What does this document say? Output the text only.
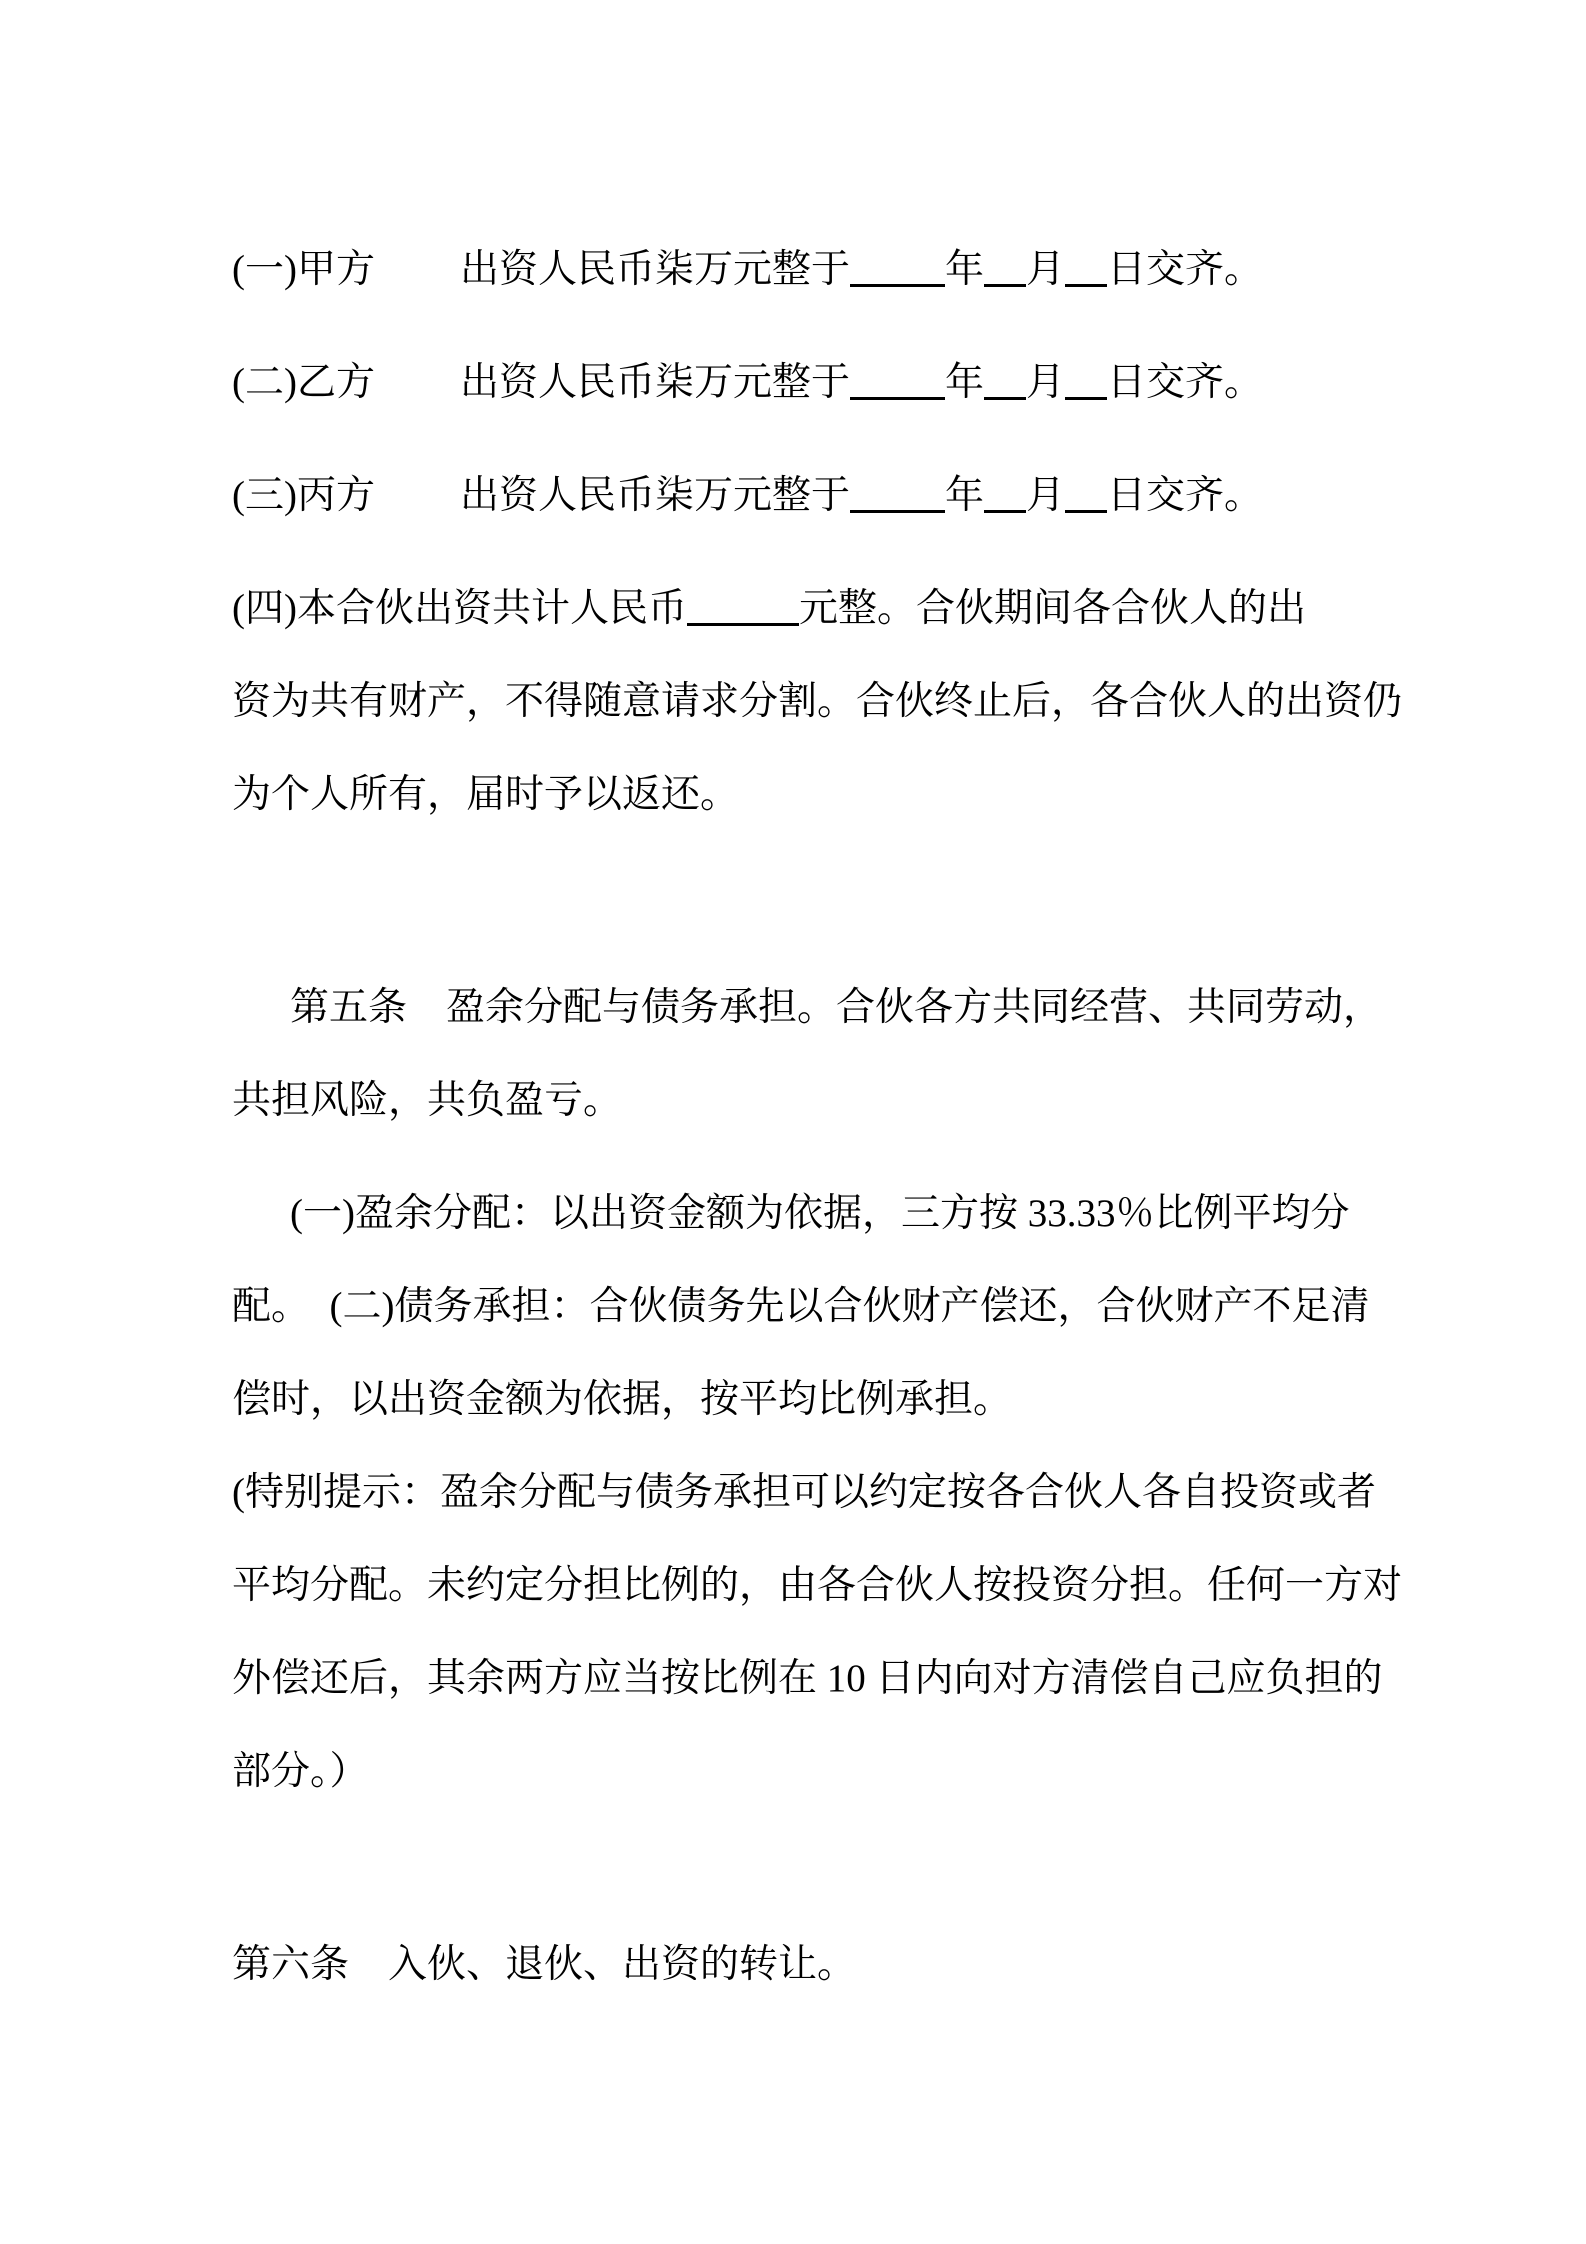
(一)甲方 出资人民币柒万元整于 年 月 日交齐。
(二)乙方 出资人民币柒万元整于 年 月 日交齐。
(三)丙方 出资人民币柒万元整于 年 月 日交齐。
(四)本合伙出资共计人民币	元整。合伙期间各合伙人的出
资为共有财产，不得随意请求分割。合伙终止后，各合伙人的出资仍
为个人所有，届时予以返还。
第五条　盈余分配与债务承担。合伙各方共同经营、共同劳动，
共担风险，共负盈亏。
(一)盈余分配：以出资金额为依据，三方按 33.33％比例平均分
配。　(二)债务承担：合伙债务先以合伙财产偿还，合伙财产不足清
偿时，以出资金额为依据，按平均比例承担。
(特别提示：盈余分配与债务承担可以约定按各合伙人各自投资或者
平均分配。未约定分担比例的，由各合伙人按投资分担。任何一方对
外偿还后，其余两方应当按比例在 10 日内向对方清偿自己应负担的
部分。）
第六条　入伙、退伙、出资的转让。
